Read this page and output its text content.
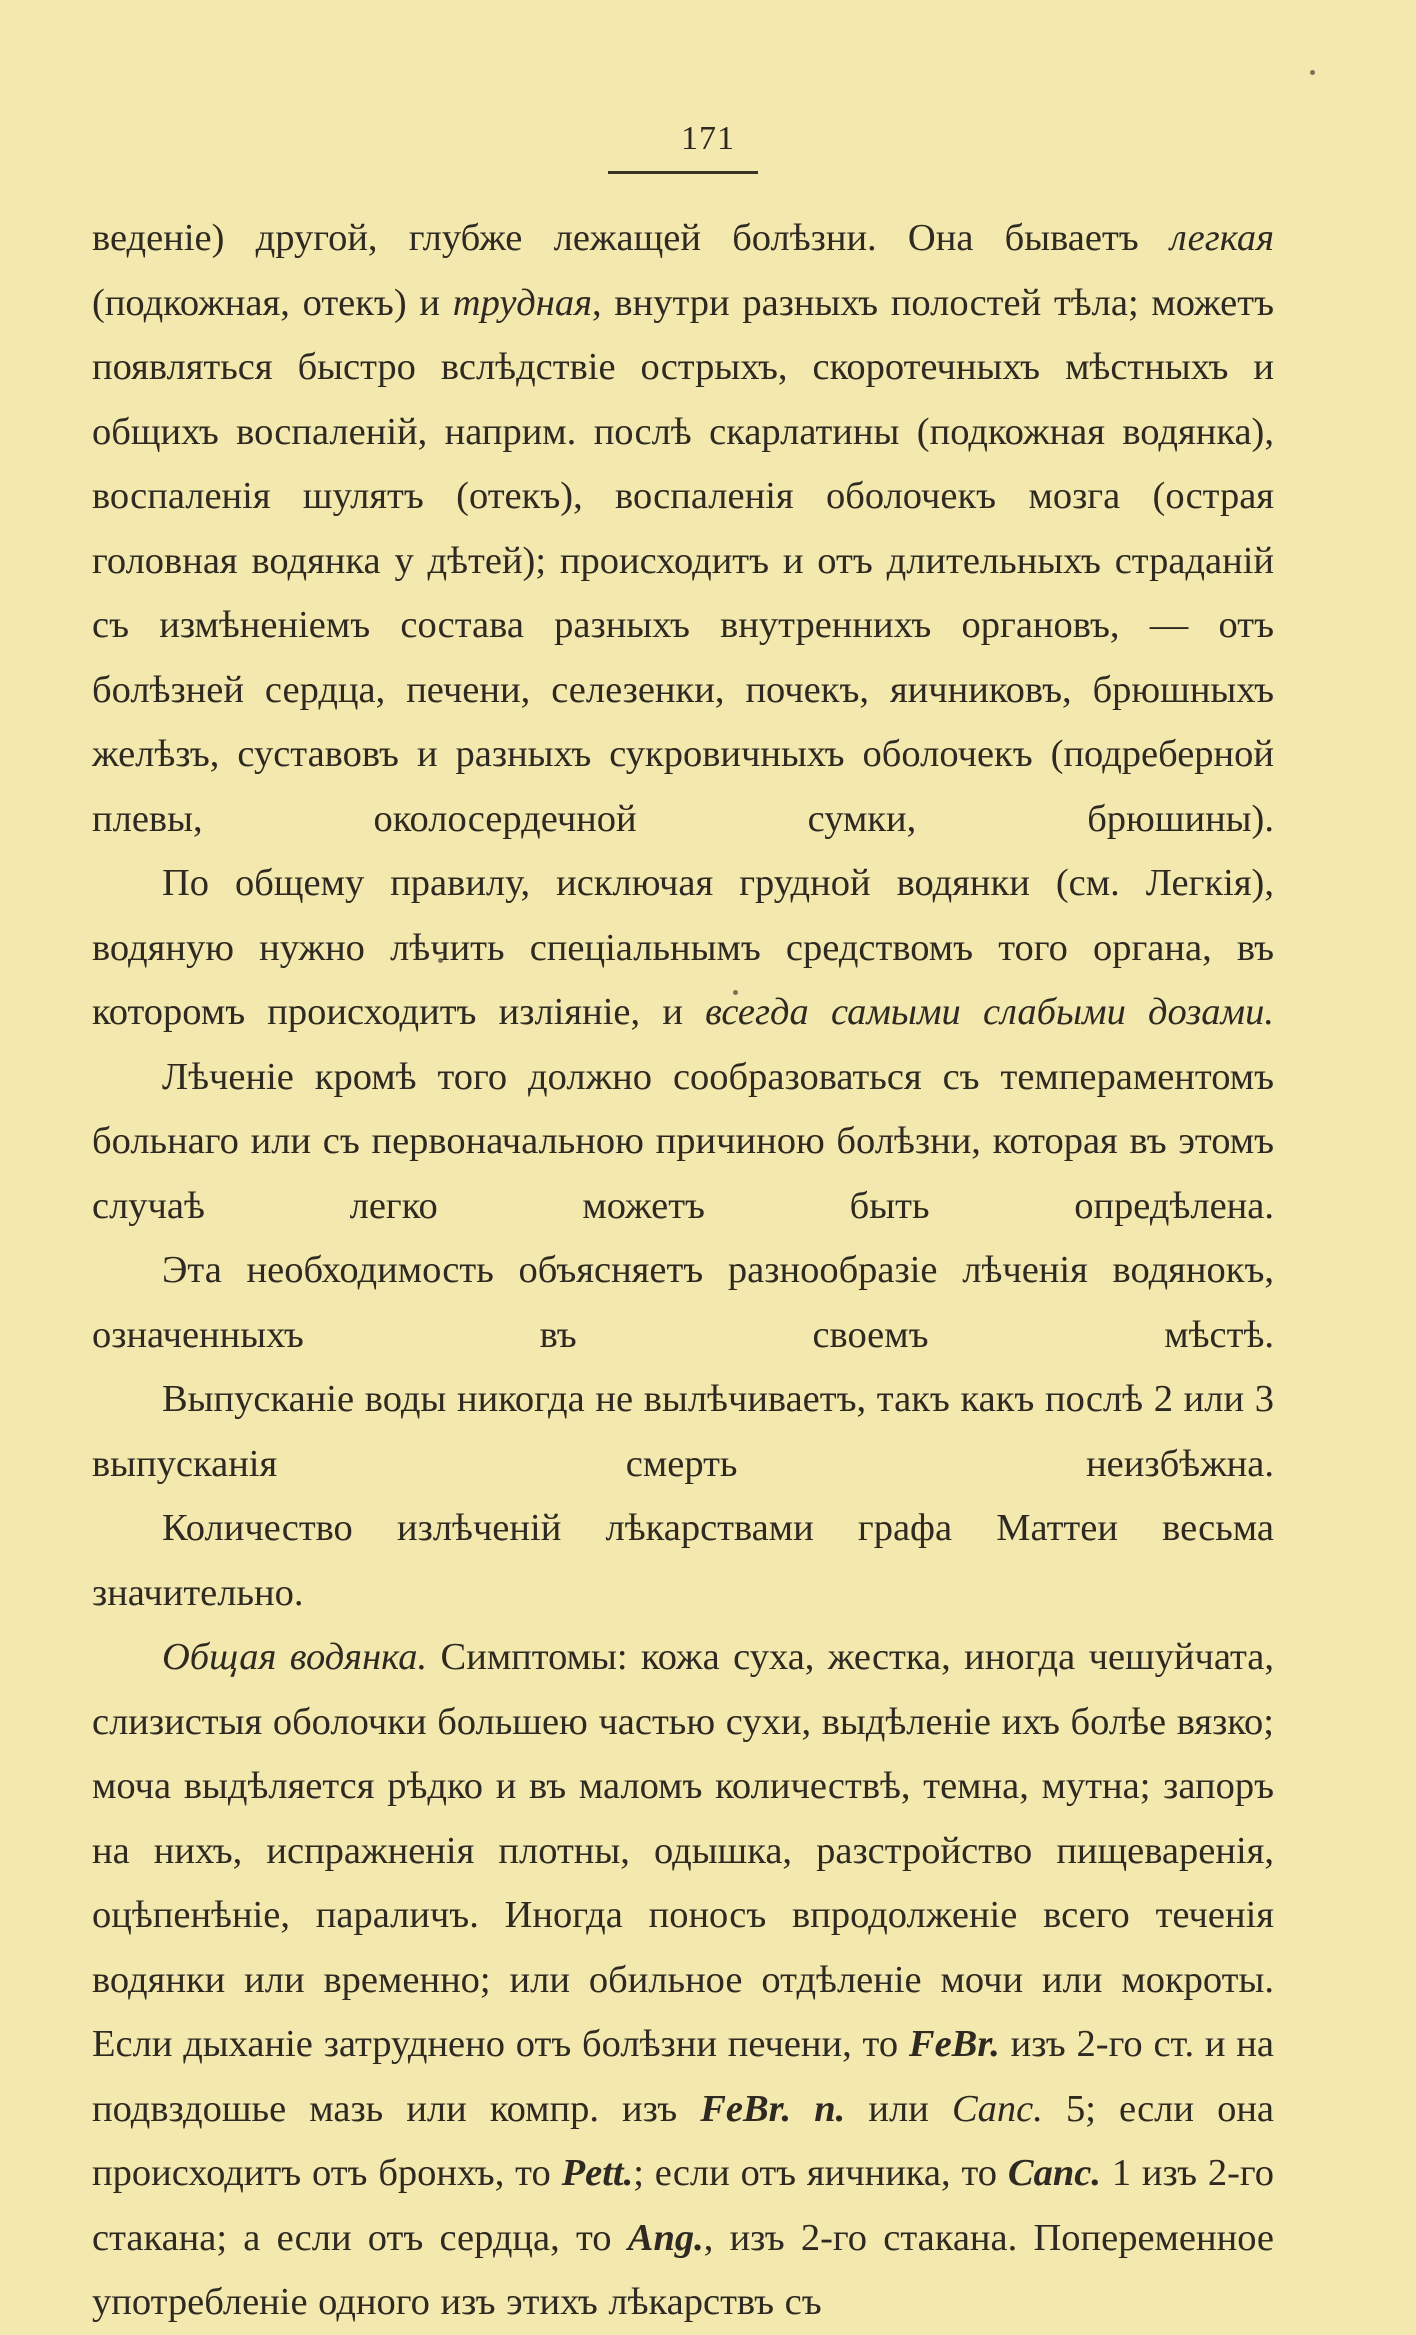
171

веденіе) другой, глубже лежащей болѣзни. Она бываетъ легкая (подкожная, отекъ) и трудная, внутри разныхъ полостей тѣла; можетъ появляться быстро вслѣдствіе острыхъ, скоротечныхъ мѣстныхъ и общихъ воспаленій, наприм. послѣ скарлатины (подкожная водянка), воспаленія шулятъ (отекъ), воспаленія оболочекъ мозга (острая головная водянка у дѣтей); происходитъ и отъ длительныхъ страданій съ измѣненіемъ состава разныхъ внутреннихъ органовъ, — отъ болѣзней сердца, печени, селезенки, почекъ, яичниковъ, брюшныхъ желѣзъ, суставовъ и разныхъ сукровичныхъ оболочекъ (подреберной плевы, околосердечной сумки, брюшины).

По общему правилу, исключая грудной водянки (см. Легкія), водяную нужно лѣчить спеціальнымъ средствомъ того органа, въ которомъ происходитъ изліяніе, и всегда самыми слабыми дозами.

Лѣченіе кромѣ того должно сообразоваться съ темпераментомъ больнаго или съ первоначальною причиною болѣзни, которая въ этомъ случаѣ легко можетъ быть опредѣлена.

Эта необходимость объясняетъ разнообразіе лѣченія водянокъ, означенныхъ въ своемъ мѣстѣ.

Выпусканіе воды никогда не вылѣчиваетъ, такъ какъ послѣ 2 или 3 выпусканія смерть неизбѣжна.

Количество излѣченій лѣкарствами графа Маттеи весьма значительно.

Общая водянка. Симптомы: кожа суха, жестка, иногда чешуйчата, слизистыя оболочки большею частью сухи, выдѣленіе ихъ болѣе вязко; моча выдѣляется рѣдко и въ маломъ количествѣ, темна, мутна; запоръ на нихъ, испражненія плотны, одышка, разстройство пищеваренія, оцѣпенѣніе, параличъ. Иногда поносъ впродолженіе всего теченія водянки или временно; или обильное отдѣленіе мочи или мокроты. Если дыханіе затруднено отъ болѣзни печени, то FeBr. изъ 2-го ст. и на подвздошье мазь или компр. изъ FeBr. n. или Canc. 5; если она происходитъ отъ бронхъ, то Pett.; если отъ яичника, то Canc. 1 изъ 2-го стакана; а если отъ сердца, то Ang., изъ 2-го стакана. Попеременное употребленіе одного изъ этихъ лѣкарствъ съ
